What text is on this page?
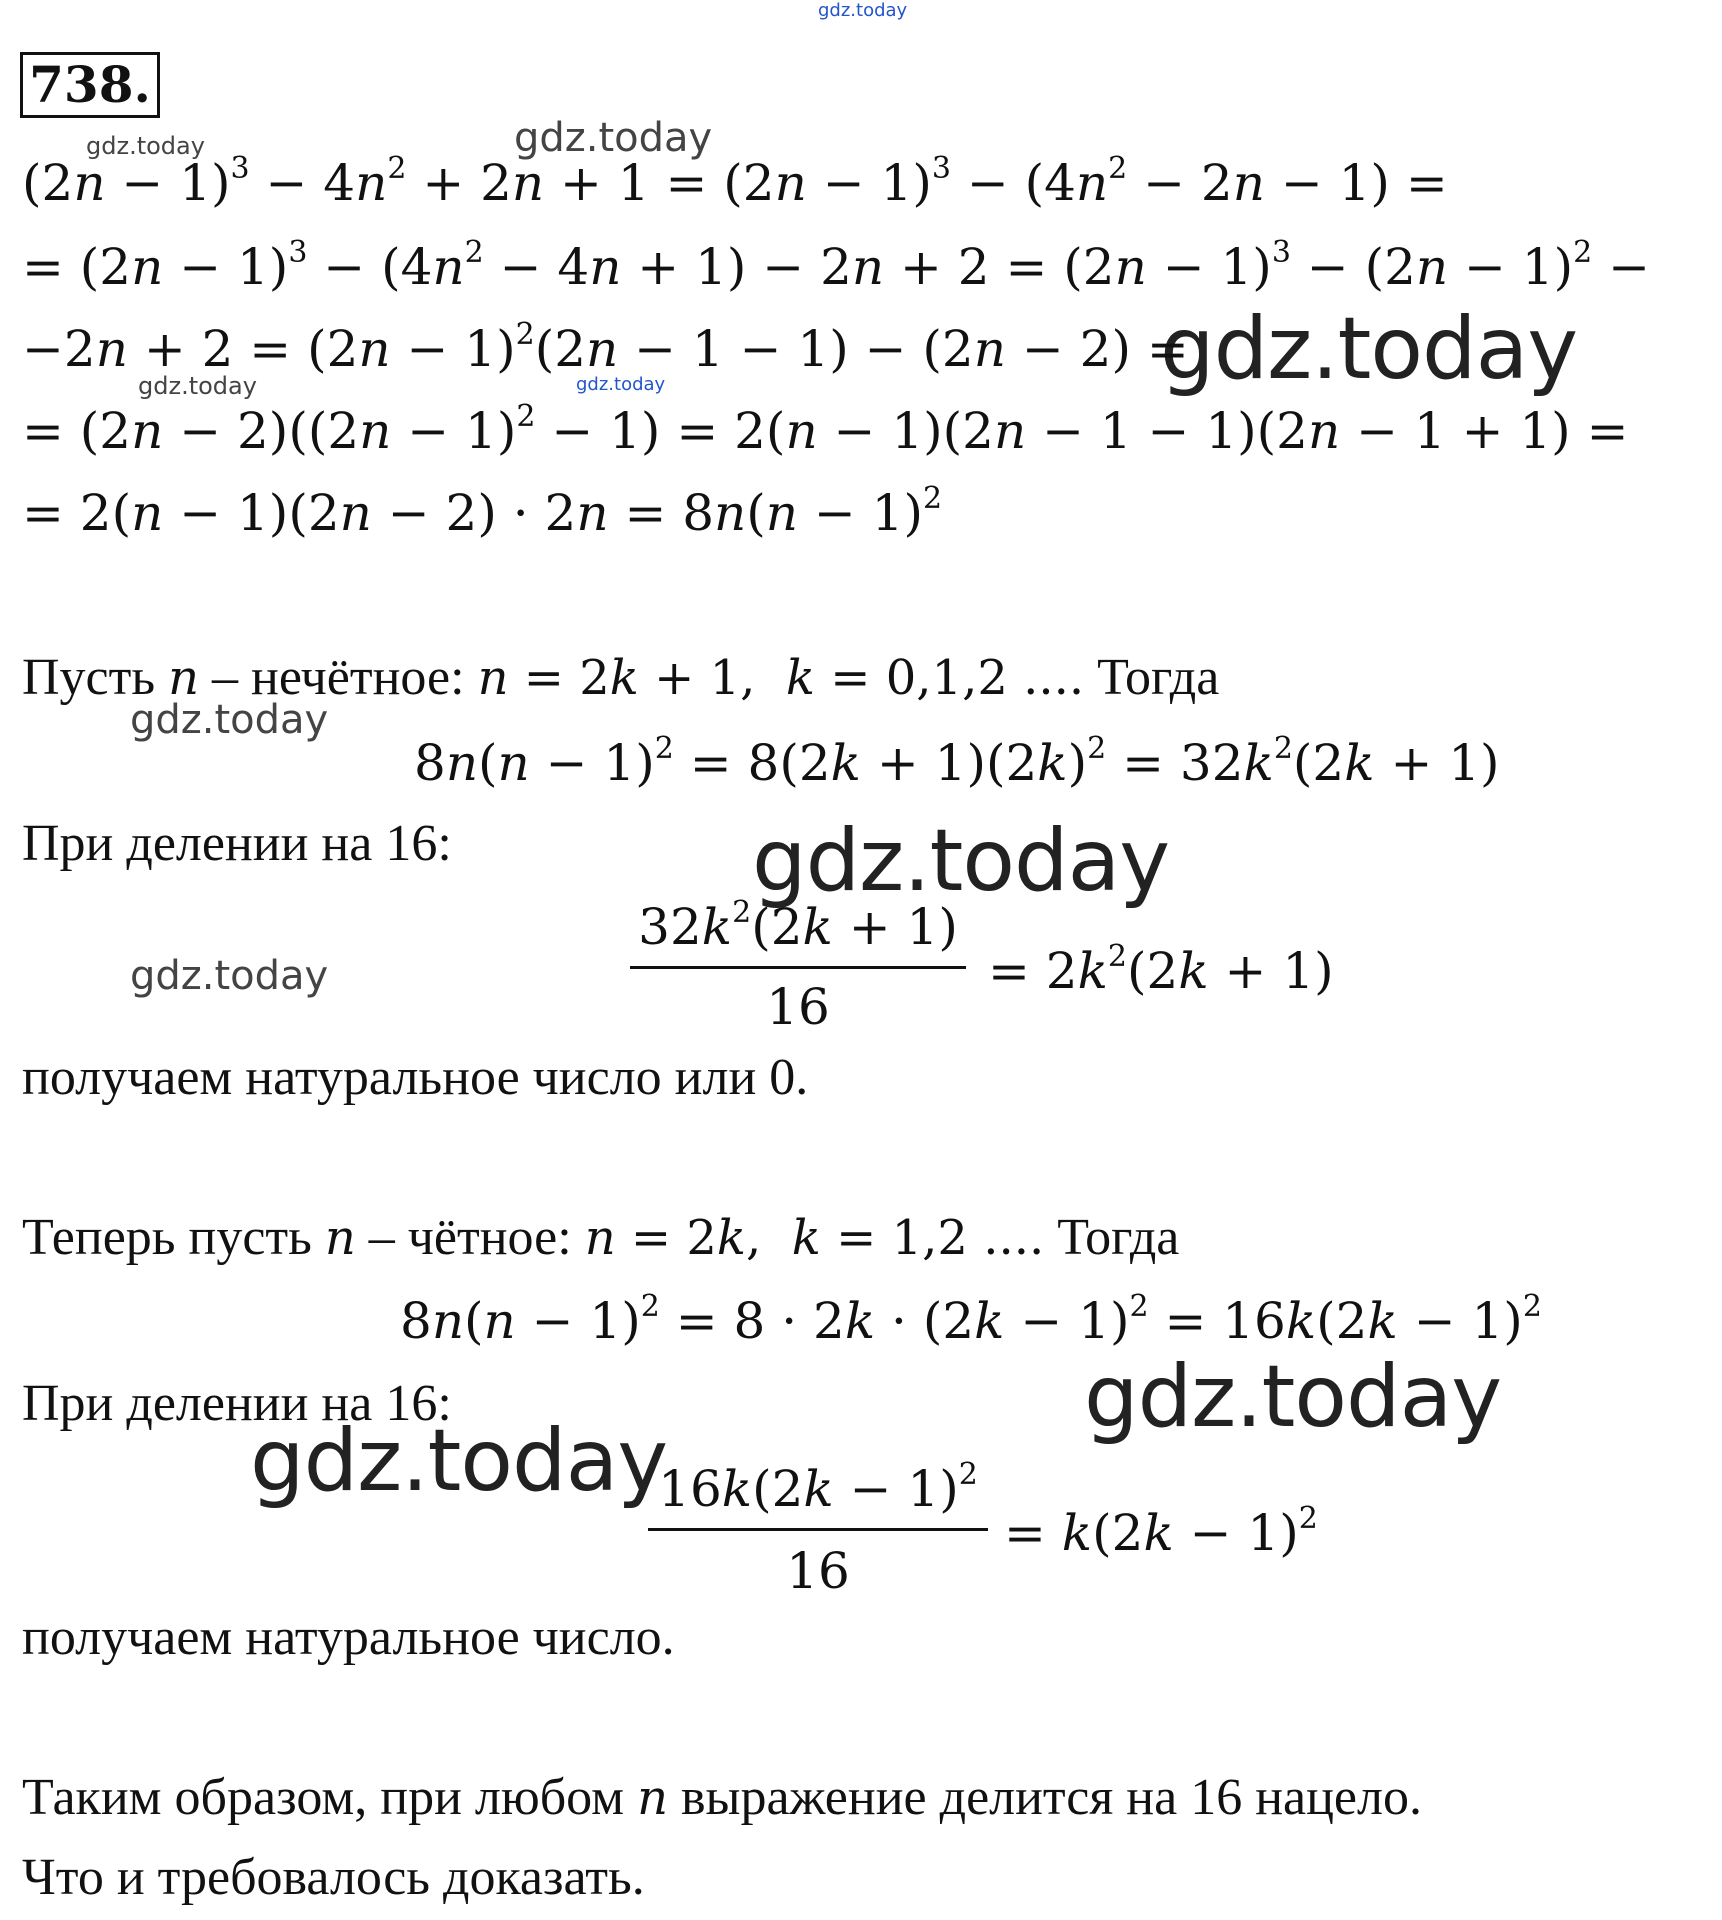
gdz.today
gdz.today	gdz.today
gdz.today
gdz.today	gdz.today
gdz.today
gdz.today
gdz.today
gdz.today
gdz.today
738.
$(2n - 1)^3 - 4n^2 + 2n + 1 = (2n - 1)^3 - (4n^2 - 2n - 1)$ =
= $(2n - 1)^3 - (4n^2 - 4n + 1) - 2n + 2 = (2n - 1)^3 - (2n - 1)^2$ −
$-2n + 2 = (2n - 1)^2(2n - 1 - 1) - (2n - 2)$ =
= $(2n - 2)((2n - 1)^2 - 1) = 2(n - 1)(2n - 1 - 1)(2n - 1 + 1)$ =
= $2(n - 1)(2n - 2) \cdot 2n = 8n(n - 1)^2$
Пусть n – нечётное: n = 2k + 1,  k = 0,1,2 .... Тогда
$8n(n - 1)^2 = 8(2k + 1)(2k)^2 = 32k^2(2k + 1)$
При делении на 16:
$32k^2(2k + 1)$
16
= $2k^2(2k + 1)$
получаем натуральное число или 0.
Теперь пусть n – чётное: n = 2k,  k = 1,2 .... Тогда
$8n(n - 1)^2 = 8 \cdot 2k \cdot (2k - 1)^2 = 16k(2k - 1)^2$
При делении на 16:
$16k(2k - 1)^2$
16
= $k(2k - 1)^2$
получаем натуральное число.
Таким образом, при любом n выражение делится на 16 нацело.
Что и требовалось доказать.
